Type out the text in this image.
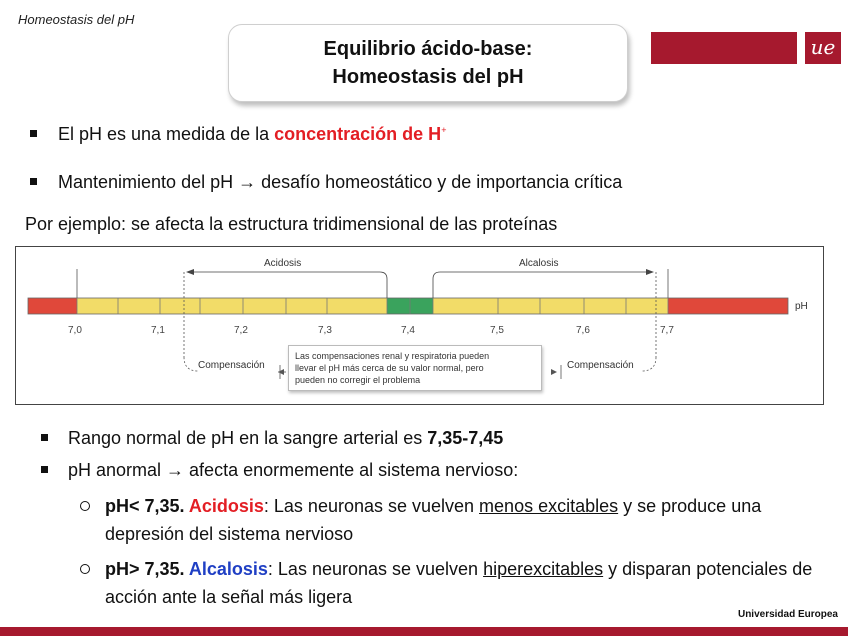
Homeostasis del pH
Equilibrio ácido-base:
Homeostasis del pH
ue
El pH es una medida de la concentración de H+
Mantenimiento del pH → desafío homeostático y de importancia crítica
Por ejemplo: se afecta la estructura tridimensional de las proteínas
Acidosis	Alcalosis
pH
7,0	7,1	7,2	7,3	7,4	7,5	7,6	7,7
Compensación	Compensación
Las compensaciones renal y respiratoria pueden
llevar el pH más cerca de su valor normal, pero
pueden no corregir el problema
Rango normal de pH en la sangre arterial es 7,35-7,45
pH anormal → afecta enormemente al sistema nervioso:
pH< 7,35. Acidosis: Las neuronas se vuelven menos excitables y se produce una depresión del sistema nervioso
pH> 7,35. Alcalosis: Las neuronas se vuelven hiperexcitables y disparan potenciales de acción ante la señal más ligera
Universidad Europea
